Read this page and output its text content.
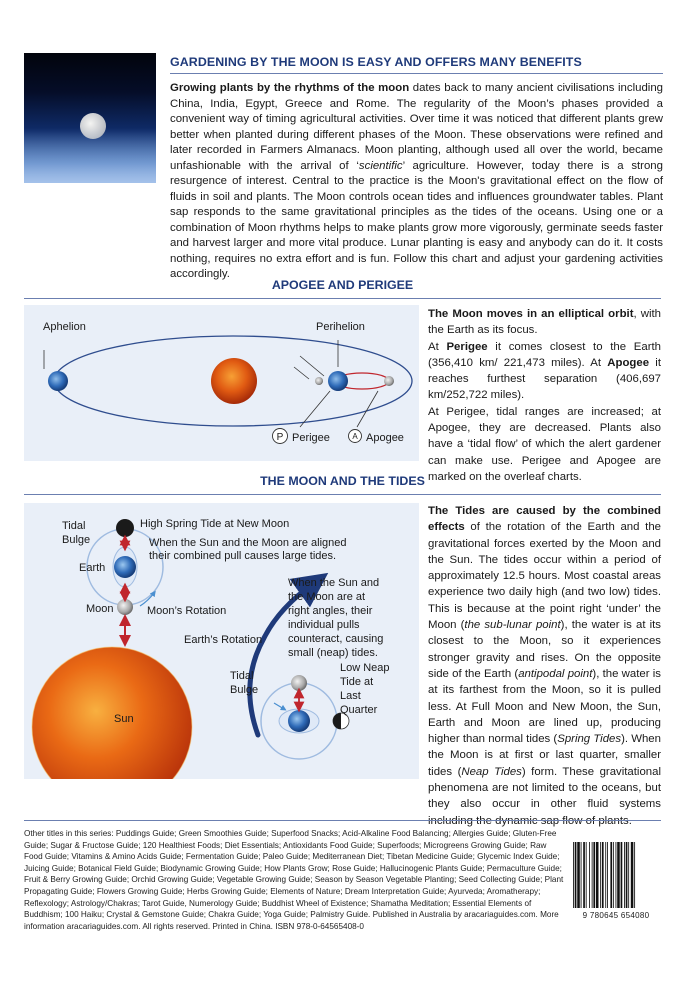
GARDENING BY THE MOON IS EASY AND OFFERS MANY BENEFITS
Growing plants by the rhythms of the moon dates back to many ancient civilisations including China, India, Egypt, Greece and Rome. The regularity of the Moon’s phases provided a convenient way of timing agricultural activities. Over time it was noticed that different plants grew better when planted during different phases of the Moon. These observations were refined and later recorded in Farmers Almanacs. Moon planting, although used all over the world, became unfashionable with the arrival of ‘scientific’ agriculture. However, today there is a strong resurgence of interest. Central to the practice is the Moon's gravitational effect on the flow of fluids in soil and plants. The Moon controls ocean tides and influences groundwater tables. Plant sap responds to the same gravitational principles as the tides of the oceans. Using one or a combination of Moon rhythms helps to make plants grow more vigorously, germinate seeds faster and harvest larger and more vital produce. Lunar planting is easy and anybody can do it. It costs nothing, requires no extra effort and is fun. Follow this chart and adjust your gardening activities accordingly.
APOGEE AND PERIGEE
Aphelion	Perihelion
P Perigee	A Apogee
The Moon moves in an elliptical orbit, with the Earth as its focus.
At Perigee it comes closest to the Earth (356,410 km/ 221,473 miles). At Apogee it reaches furthest separation (406,697 km/252,722 miles).
At Perigee, tidal ranges are increased; at Apogee, they are decreased. Plants also have a ‘tidal flow’ of which the alert gardener can make use. Perigee and Apogee are marked on the overleaf charts.
THE MOON AND THE TIDES
Tidal
Bulge
High Spring Tide at New Moon
When the Sun and the Moon are aligned
their combined pull causes large tides.
Earth
Moon	Moon’s Rotation
Earth’s Rotation
When the Sun and
the Moon are at
right angles, their
individual pulls
counteract, causing
small (neap) tides.
Low Neap
Tide at
Last
Quarter
Tidal
Bulge
Sun
The Tides are caused by the combined effects of the rotation of the Earth and the gravitational forces exerted by the Moon and the Sun. The tides occur within a period of approximately 12.5 hours. Most coastal areas experience two daily high (and two low) tides. This is because at the point right ‘under’ the Moon (the sub-lunar point), the water is at its closest to the Moon, so it experiences stronger gravity and rises. On the opposite side of the Earth (antipodal point), the water is at its farthest from the Moon, so it is pulled less. At Full Moon and New Moon, the Sun, Earth and Moon are lined up, producing higher than normal tides (Spring Tides). When the Moon is at first or last quarter, smaller tides (Neap Tides) form. These gravitational phenomena are not limited to the oceans, but they also occur in other fluid systems including the dynamic sap flow of plants.
Other titles in this series: Puddings Guide; Green Smoothies Guide; Superfood Snacks; Acid-Alkaline Food Balancing; Allergies Guide; Gluten-Free Guide; Sugar & Fructose Guide; 120 Healthiest Foods; Diet Essentials; Antioxidants Food Guide; Superfoods; Microgreens Growing Guide; Raw Food Guide; Vitamins & Amino Acids Guide; Fermentation Guide; Paleo Guide; Mediterranean Diet; Tibetan Medicine Guide; Glycemic Index Guide; Juicing Guide; Botanical Field Guide; Biodynamic Growing Guide; How Plants Grow; Rose Guide; Hallucinogenic Plants Guide; Permaculture Guide; Fruit & Berry Growing Guide; Orchid Growing Guide; Vegetable Growing Guide; Season by Season Vegetable Planting; Seed Collecting Guide; Plant Propagating Guide; Flowers Growing Guide; Herbs Growing Guide; Elements of Nature; Dream Interpretation Guide; Ayurveda; Aromatherapy; Reflexology; Astrology/Chakras; Tarot Guide, Numerology Guide; Buddhist Wheel of Existence; Shamatha Meditation; Essential Elements of Buddhism; 100 Haiku; Crystal & Gemstone Guide; Chakra Guide; Yoga Guide; Palmistry Guide. Published in Australia by aracariaguides.com. More information aracariaguides.com. All rights reserved. Printed in China. ISBN 978-0-64565408-0
9 780645 654080
